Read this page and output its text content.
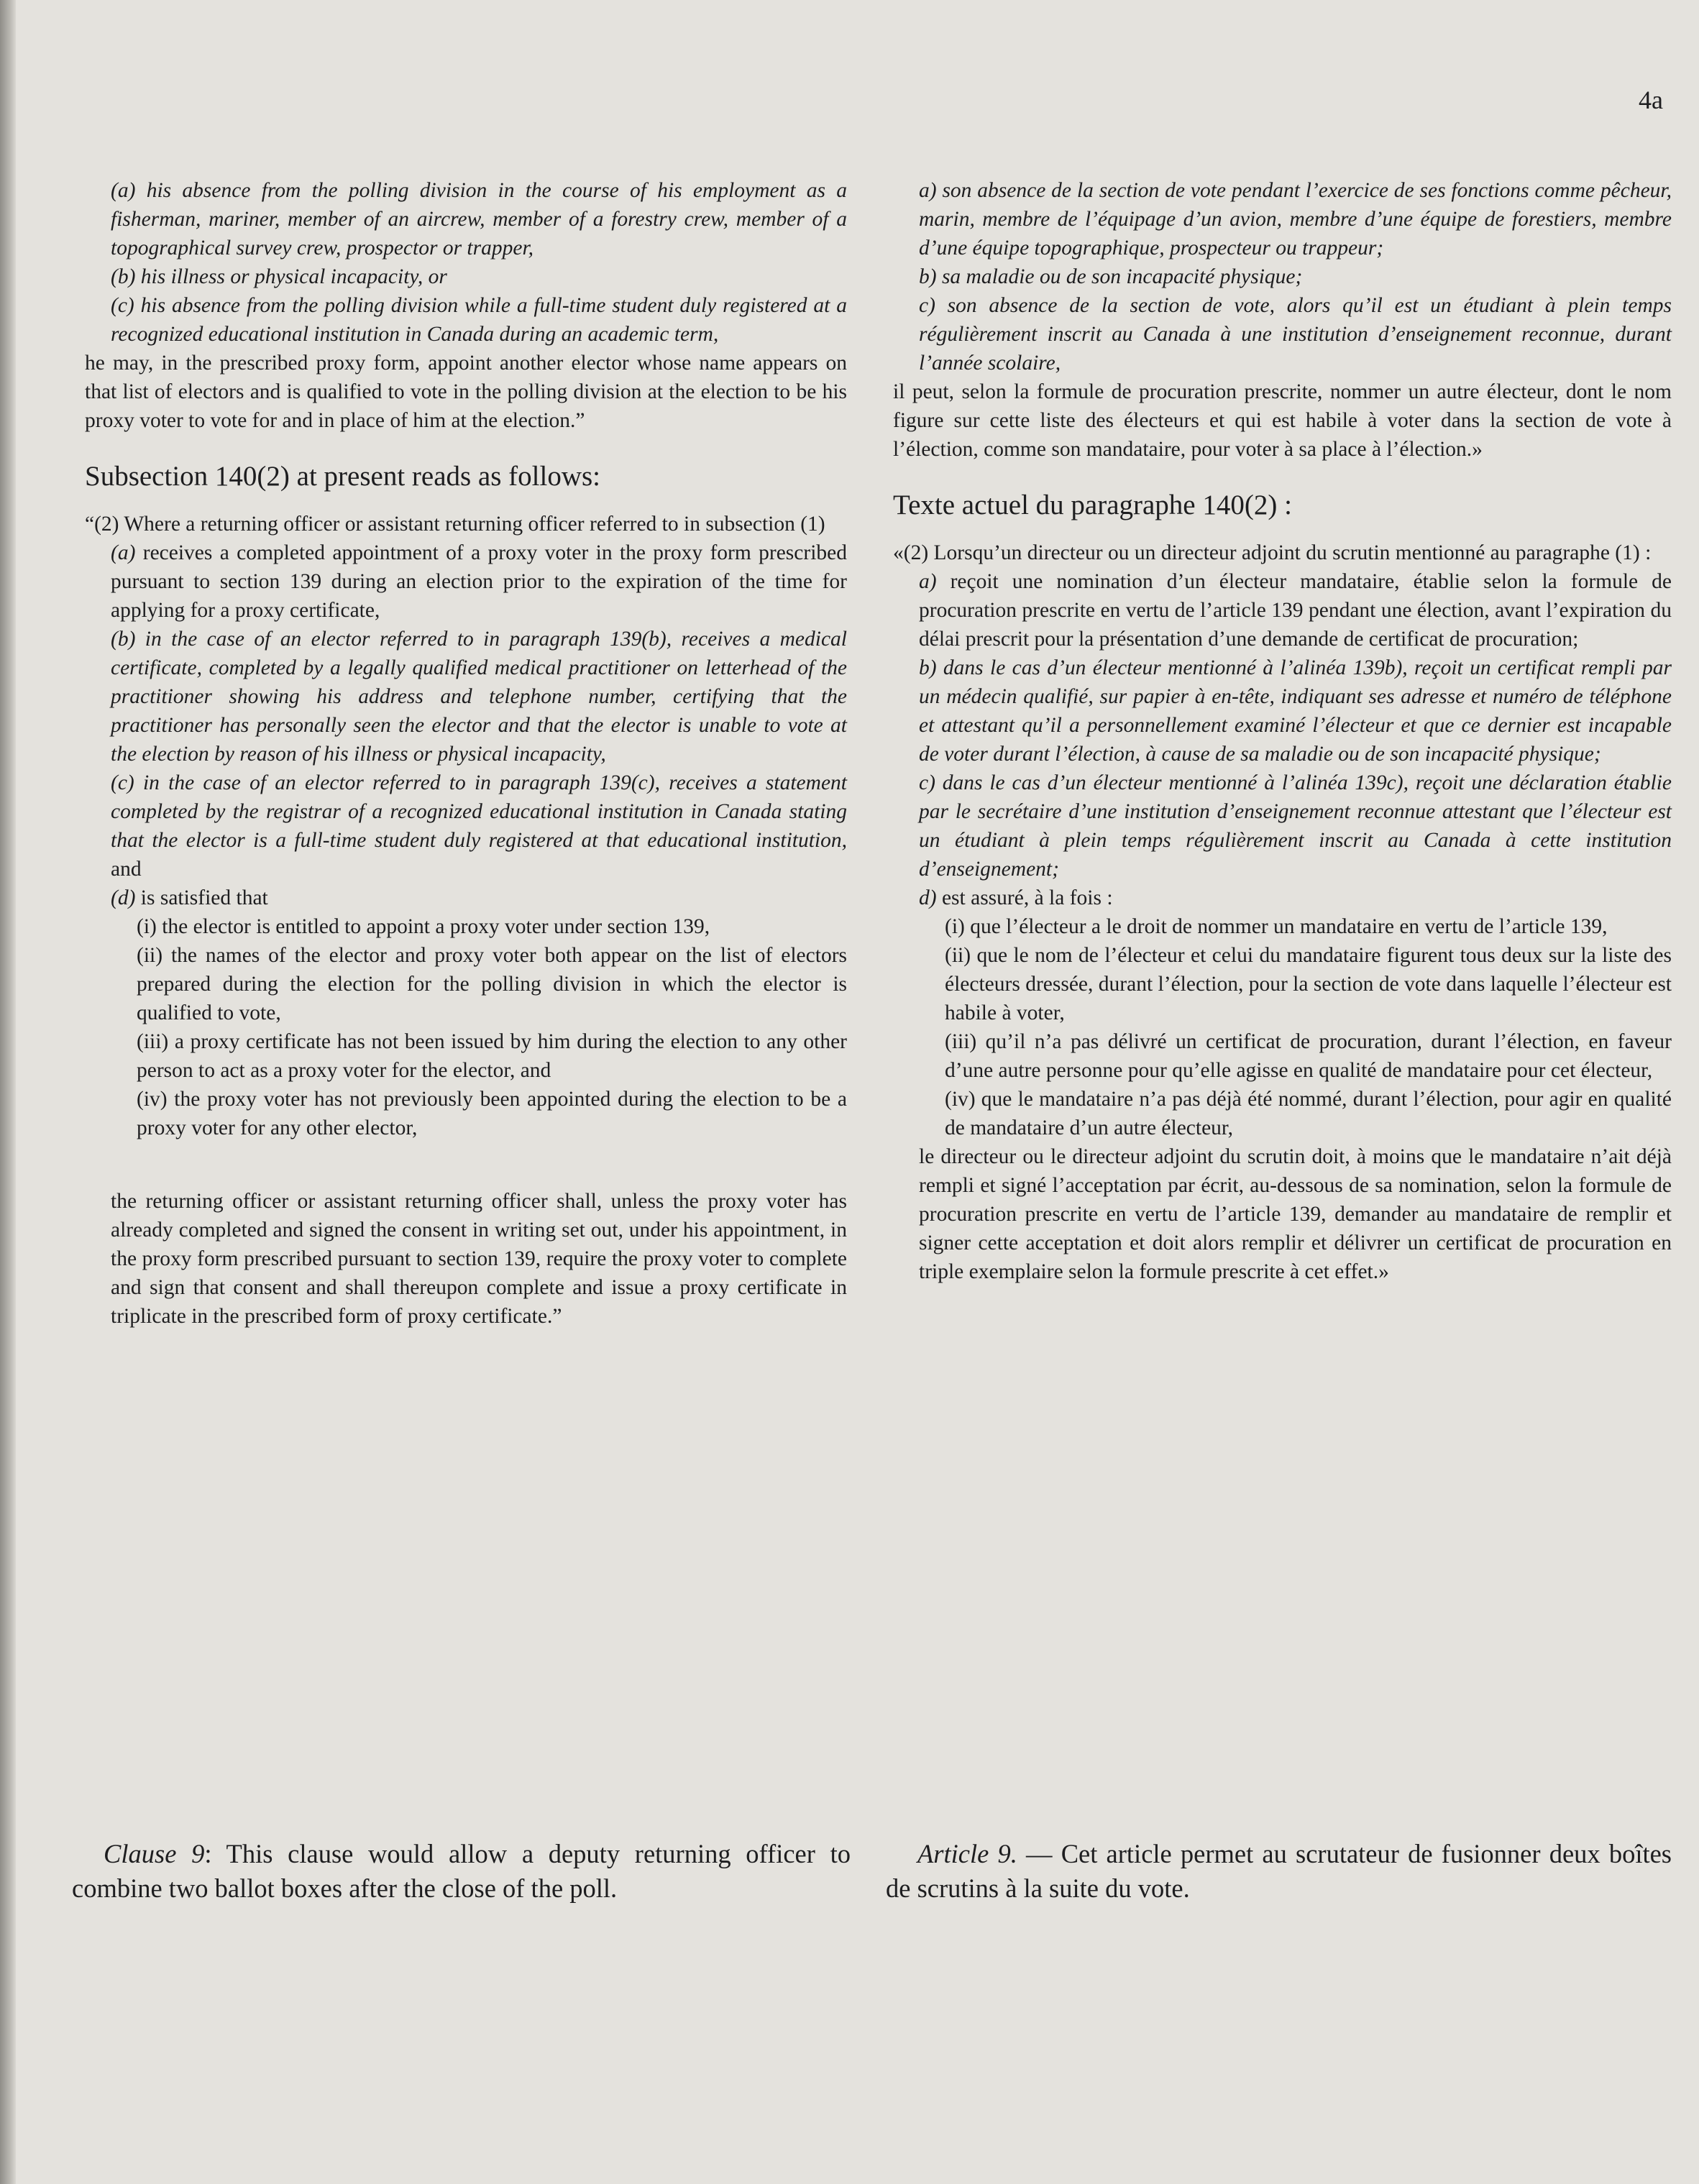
4a

(a) his absence from the polling division in the course of his employment as a fisherman, mariner, member of an aircrew, member of a forestry crew, member of a topographical survey crew, prospector or trapper,

(b) his illness or physical incapacity, or

(c) his absence from the polling division while a full-time student duly registered at a recognized educational institution in Canada during an academic term,

he may, in the prescribed proxy form, appoint another elector whose name appears on that list of electors and is qualified to vote in the polling division at the election to be his proxy voter to vote for and in place of him at the election.”

Subsection 140(2) at present reads as follows:

“(2) Where a returning officer or assistant returning officer referred to in subsection (1)

(a) receives a completed appointment of a proxy voter in the proxy form prescribed pursuant to section 139 during an election prior to the expiration of the time for applying for a proxy certificate,

(b) in the case of an elector referred to in paragraph 139(b), receives a medical certificate, completed by a legally qualified medical practitioner on letterhead of the practitioner showing his address and telephone number, certifying that the practitioner has personally seen the elector and that the elector is unable to vote at the election by reason of his illness or physical incapacity,

(c) in the case of an elector referred to in paragraph 139(c), receives a statement completed by the registrar of a recognized educational institution in Canada stating that the elector is a full-time student duly registered at that educational institution, and

(d) is satisfied that

(i) the elector is entitled to appoint a proxy voter under section 139,

(ii) the names of the elector and proxy voter both appear on the list of electors prepared during the election for the polling division in which the elector is qualified to vote,

(iii) a proxy certificate has not been issued by him during the election to any other person to act as a proxy voter for the elector, and

(iv) the proxy voter has not previously been appointed during the election to be a proxy voter for any other elector,

the returning officer or assistant returning officer shall, unless the proxy voter has already completed and signed the consent in writing set out, under his appointment, in the proxy form prescribed pursuant to section 139, require the proxy voter to complete and sign that consent and shall thereupon complete and issue a proxy certificate in triplicate in the prescribed form of proxy certificate.”

a) son absence de la section de vote pendant l’exercice de ses fonctions comme pêcheur, marin, membre de l’équipage d’un avion, membre d’une équipe de forestiers, membre d’une équipe topographique, prospecteur ou trappeur;

b) sa maladie ou de son incapacité physique;

c) son absence de la section de vote, alors qu’il est un étudiant à plein temps régulièrement inscrit au Canada à une institution d’enseignement reconnue, durant l’année scolaire,

il peut, selon la formule de procuration prescrite, nommer un autre électeur, dont le nom figure sur cette liste des électeurs et qui est habile à voter dans la section de vote à l’élection, comme son mandataire, pour voter à sa place à l’élection.»

Texte actuel du paragraphe 140(2) :

«(2) Lorsqu’un directeur ou un directeur adjoint du scrutin mentionné au paragraphe (1) :

a) reçoit une nomination d’un électeur mandataire, établie selon la formule de procuration prescrite en vertu de l’article 139 pendant une élection, avant l’expiration du délai prescrit pour la présentation d’une demande de certificat de procuration;

b) dans le cas d’un électeur mentionné à l’alinéa 139b), reçoit un certificat rempli par un médecin qualifié, sur papier à en-tête, indiquant ses adresse et numéro de téléphone et attestant qu’il a personnellement examiné l’électeur et que ce dernier est incapable de voter durant l’élection, à cause de sa maladie ou de son incapacité physique;

c) dans le cas d’un électeur mentionné à l’alinéa 139c), reçoit une déclaration établie par le secrétaire d’une institution d’enseignement reconnue attestant que l’électeur est un étudiant à plein temps régulièrement inscrit au Canada à cette institution d’enseignement;

d) est assuré, à la fois :

(i) que l’électeur a le droit de nommer un mandataire en vertu de l’article 139,

(ii) que le nom de l’électeur et celui du mandataire figurent tous deux sur la liste des électeurs dressée, durant l’élection, pour la section de vote dans laquelle l’électeur est habile à voter,

(iii) qu’il n’a pas délivré un certificat de procuration, durant l’élection, en faveur d’une autre personne pour qu’elle agisse en qualité de mandataire pour cet électeur,

(iv) que le mandataire n’a pas déjà été nommé, durant l’élection, pour agir en qualité de mandataire d’un autre électeur,

le directeur ou le directeur adjoint du scrutin doit, à moins que le mandataire n’ait déjà rempli et signé l’acceptation par écrit, au-dessous de sa nomination, selon la formule de procuration prescrite en vertu de l’article 139, demander au mandataire de remplir et signer cette acceptation et doit alors remplir et délivrer un certificat de procuration en triple exemplaire selon la formule prescrite à cet effet.»

Clause 9: This clause would allow a deputy returning officer to combine two ballot boxes after the close of the poll.

Article 9. — Cet article permet au scrutateur de fusionner deux boîtes de scrutins à la suite du vote.
